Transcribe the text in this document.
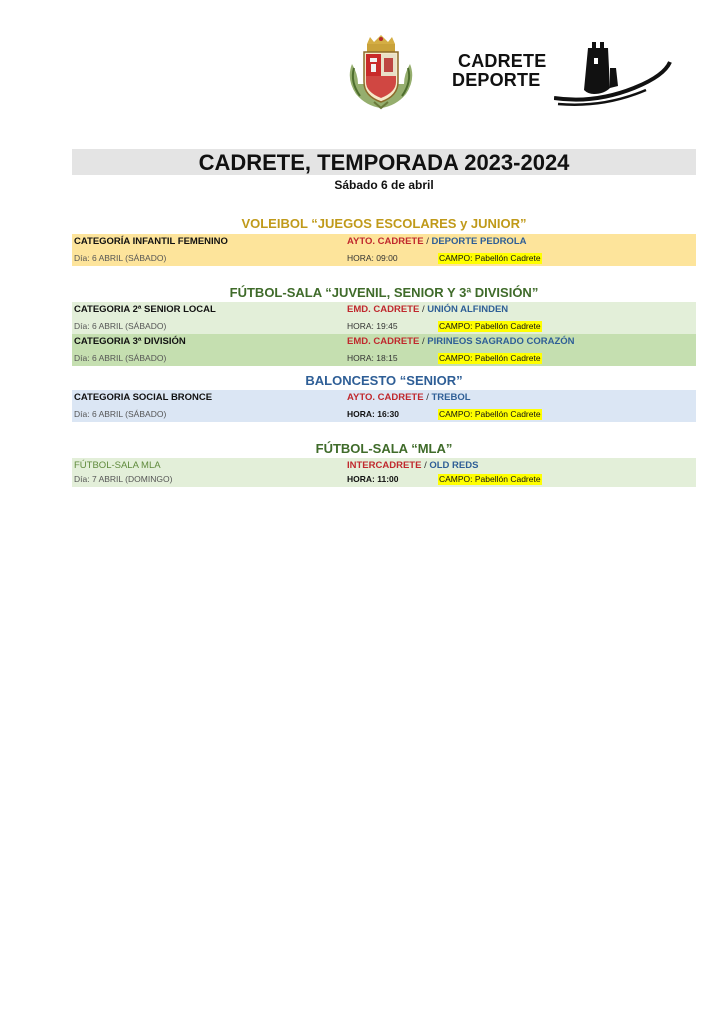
CADRETE
DEPORTE
CADRETE, TEMPORADA 2023-2024
Sábado 6 de abril
VOLEIBOL “JUEGOS ESCOLARES y JUNIOR”
CATEGORÍA INFANTIL FEMENINO	AYTO. CADRETE / DEPORTE PEDROLA
Día: 6 ABRIL (SÁBADO)	HORA: 09:00	CAMPO: Pabellón Cadrete
FÚTBOL-SALA “JUVENIL, SENIOR Y 3ª DIVISIÓN”
CATEGORIA 2ª SENIOR LOCAL	EMD. CADRETE / UNIÓN ALFINDEN
Día: 6 ABRIL (SÁBADO)	HORA: 19:45	CAMPO: Pabellón Cadrete
CATEGORIA 3ª DIVISIÓN	EMD. CADRETE / PIRINEOS SAGRADO CORAZÓN
Día: 6 ABRIL (SÁBADO)	HORA: 18:15	CAMPO: Pabellón Cadrete
BALONCESTO “SENIOR”
CATEGORIA SOCIAL BRONCE	AYTO. CADRETE / TREBOL
Día: 6 ABRIL (SÁBADO)	HORA: 16:30	CAMPO: Pabellón Cadrete
FÚTBOL-SALA “MLA”
FÚTBOL-SALA MLA	INTERCADRETE / OLD REDS
Día: 7 ABRIL (DOMINGO)	HORA: 11:00	CAMPO: Pabellón Cadrete
